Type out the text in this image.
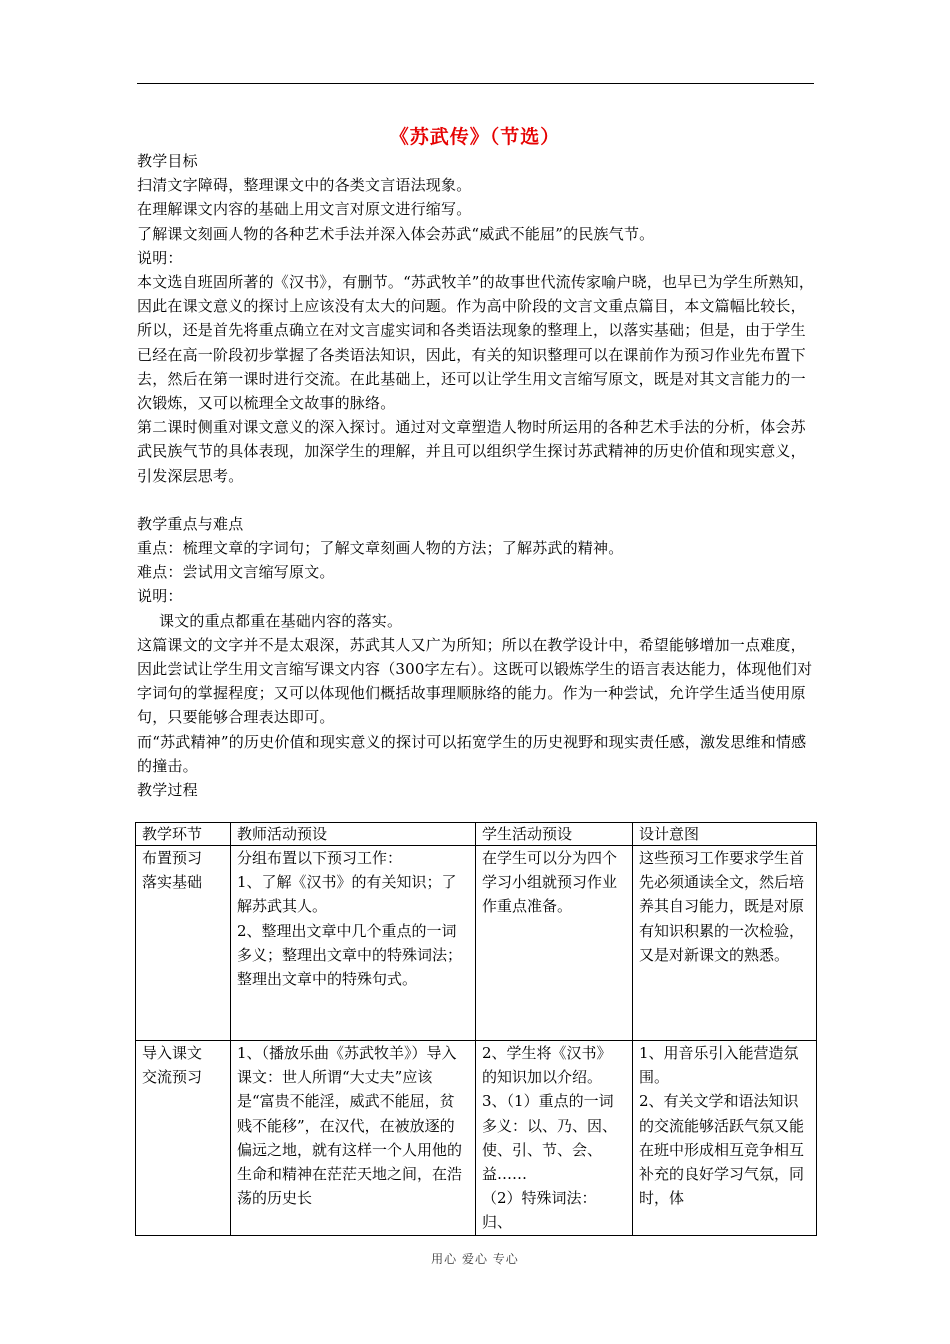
《苏武传》（节选）

教学目标

扫清文字障碍，整理课文中的各类文言语法现象。

在理解课文内容的基础上用文言对原文进行缩写。

了解课文刻画人物的各种艺术手法并深入体会苏武“威武不能屈”的民族气节。

说明：

本文选自班固所著的《汉书》，有删节。“苏武牧羊”的故事世代流传家喻户晓，也早已为学生所熟知，因此在课文意义的探讨上应该没有太大的问题。作为高中阶段的文言文重点篇目，本文篇幅比较长，所以，还是首先将重点确立在对文言虚实词和各类语法现象的整理上，以落实基础；但是，由于学生已经在高一阶段初步掌握了各类语法知识，因此，有关的知识整理可以在课前作为预习作业先布置下去，然后在第一课时进行交流。在此基础上，还可以让学生用文言缩写原文，既是对其文言能力的一次锻炼，又可以梳理全文故事的脉络。

第二课时侧重对课文意义的深入探讨。通过对文章塑造人物时所运用的各种艺术手法的分析，体会苏武民族气节的具体表现，加深学生的理解，并且可以组织学生探讨苏武精神的历史价值和现实意义，引发深层思考。

教学重点与难点

重点：梳理文章的字词句；了解文章刻画人物的方法；了解苏武的精神。

难点：尝试用文言缩写原文。

说明：

课文的重点都重在基础内容的落实。

这篇课文的文字并不是太艰深，苏武其人又广为所知；所以在教学设计中，希望能够增加一点难度，因此尝试让学生用文言缩写课文内容（300字左右）。这既可以锻炼学生的语言表达能力，体现他们对字词句的掌握程度；又可以体现他们概括故事理顺脉络的能力。作为一种尝试，允许学生适当使用原句，只要能够合理表达即可。

而“苏武精神”的历史价值和现实意义的探讨可以拓宽学生的历史视野和现实责任感，激发思维和情感的撞击。

教学过程

教学环节	教师活动预设	学生活动预设	设计意图

布置预习
落实基础	分组布置以下预习工作：
1、了解《汉书》的有关知识；了解苏武其人。
2、整理出文章中几个重点的一词多义；整理出文章中的特殊词法；整理出文章中的特殊句式。	在学生可以分为四个学习小组就预习作业作重点准备。	这些预习工作要求学生首先必须通读全文，然后培养其自习能力，既是对原有知识积累的一次检验，又是对新课文的熟悉。

导入课文
交流预习	1、（播放乐曲《苏武牧羊》）导入课文：世人所谓“大丈夫”应该是“富贵不能淫，威武不能屈，贫贱不能移”，在汉代，在被放逐的偏远之地，就有这样一个人用他的生命和精神在茫茫天地之间，在浩荡的历史长	2、学生将《汉书》的知识加以介绍。
3、（1）重点的一词多义：以、乃、因、使、引、节、会、益……
（2）特殊词法：归、	1、用音乐引入能营造氛围。
2、有关文学和语法知识的交流能够活跃气氛又能在班中形成相互竞争相互补充的良好学习气氛，同时，体
用心 爱心 专心
